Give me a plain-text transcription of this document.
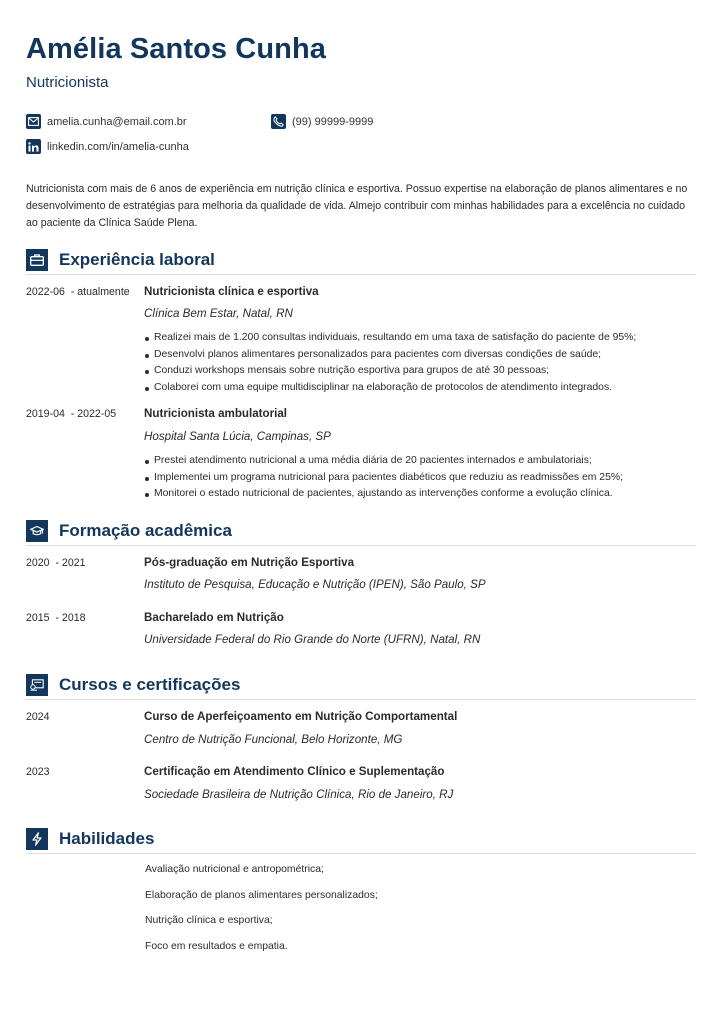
Amélia Santos Cunha
Nutricionista
amelia.cunha@email.com.br	(99) 99999-9999
linkedin.com/in/amelia-cunha
Nutricionista com mais de 6 anos de experiência em nutrição clínica e esportiva. Possuo expertise na elaboração de planos alimentares e no desenvolvimento de estratégias para melhoria da qualidade de vida. Almejo contribuir com minhas habilidades para a excelência no cuidado ao paciente da Clínica Saúde Plena.
Experiência laboral
2022-06  - atualmente Nutricionista clínica e esportiva
Clínica Bem Estar, Natal, RN
Realizei mais de 1.200 consultas individuais, resultando em uma taxa de satisfação do paciente de 95%;
Desenvolvi planos alimentares personalizados para pacientes com diversas condições de saúde;
Conduzi workshops mensais sobre nutrição esportiva para grupos de até 30 pessoas;
Colaborei com uma equipe multidisciplinar na elaboração de protocolos de atendimento integrados.
2019-04  - 2022-05 Nutricionista ambulatorial
Hospital Santa Lúcia, Campinas, SP
Prestei atendimento nutricional a uma média diária de 20 pacientes internados e ambulatoriais;
Implementei um programa nutricional para pacientes diabéticos que reduziu as readmissões em 25%;
Monitorei o estado nutricional de pacientes, ajustando as intervenções conforme a evolução clínica.
Formação acadêmica
2020  - 2021	Pós-graduação em Nutrição Esportiva
Instituto de Pesquisa, Educação e Nutrição (IPEN), São Paulo, SP
2015  - 2018	Bacharelado em Nutrição
Universidade Federal do Rio Grande do Norte (UFRN), Natal, RN
Cursos e certificações
2024	Curso de Aperfeiçoamento em Nutrição Comportamental
Centro de Nutrição Funcional, Belo Horizonte, MG
2023	Certificação em Atendimento Clínico e Suplementação
Sociedade Brasileira de Nutrição Clínica, Rio de Janeiro, RJ
Habilidades
Avaliação nutricional e antropométrica;
Elaboração de planos alimentares personalizados;
Nutrição clínica e esportiva;
Foco em resultados e empatia.
